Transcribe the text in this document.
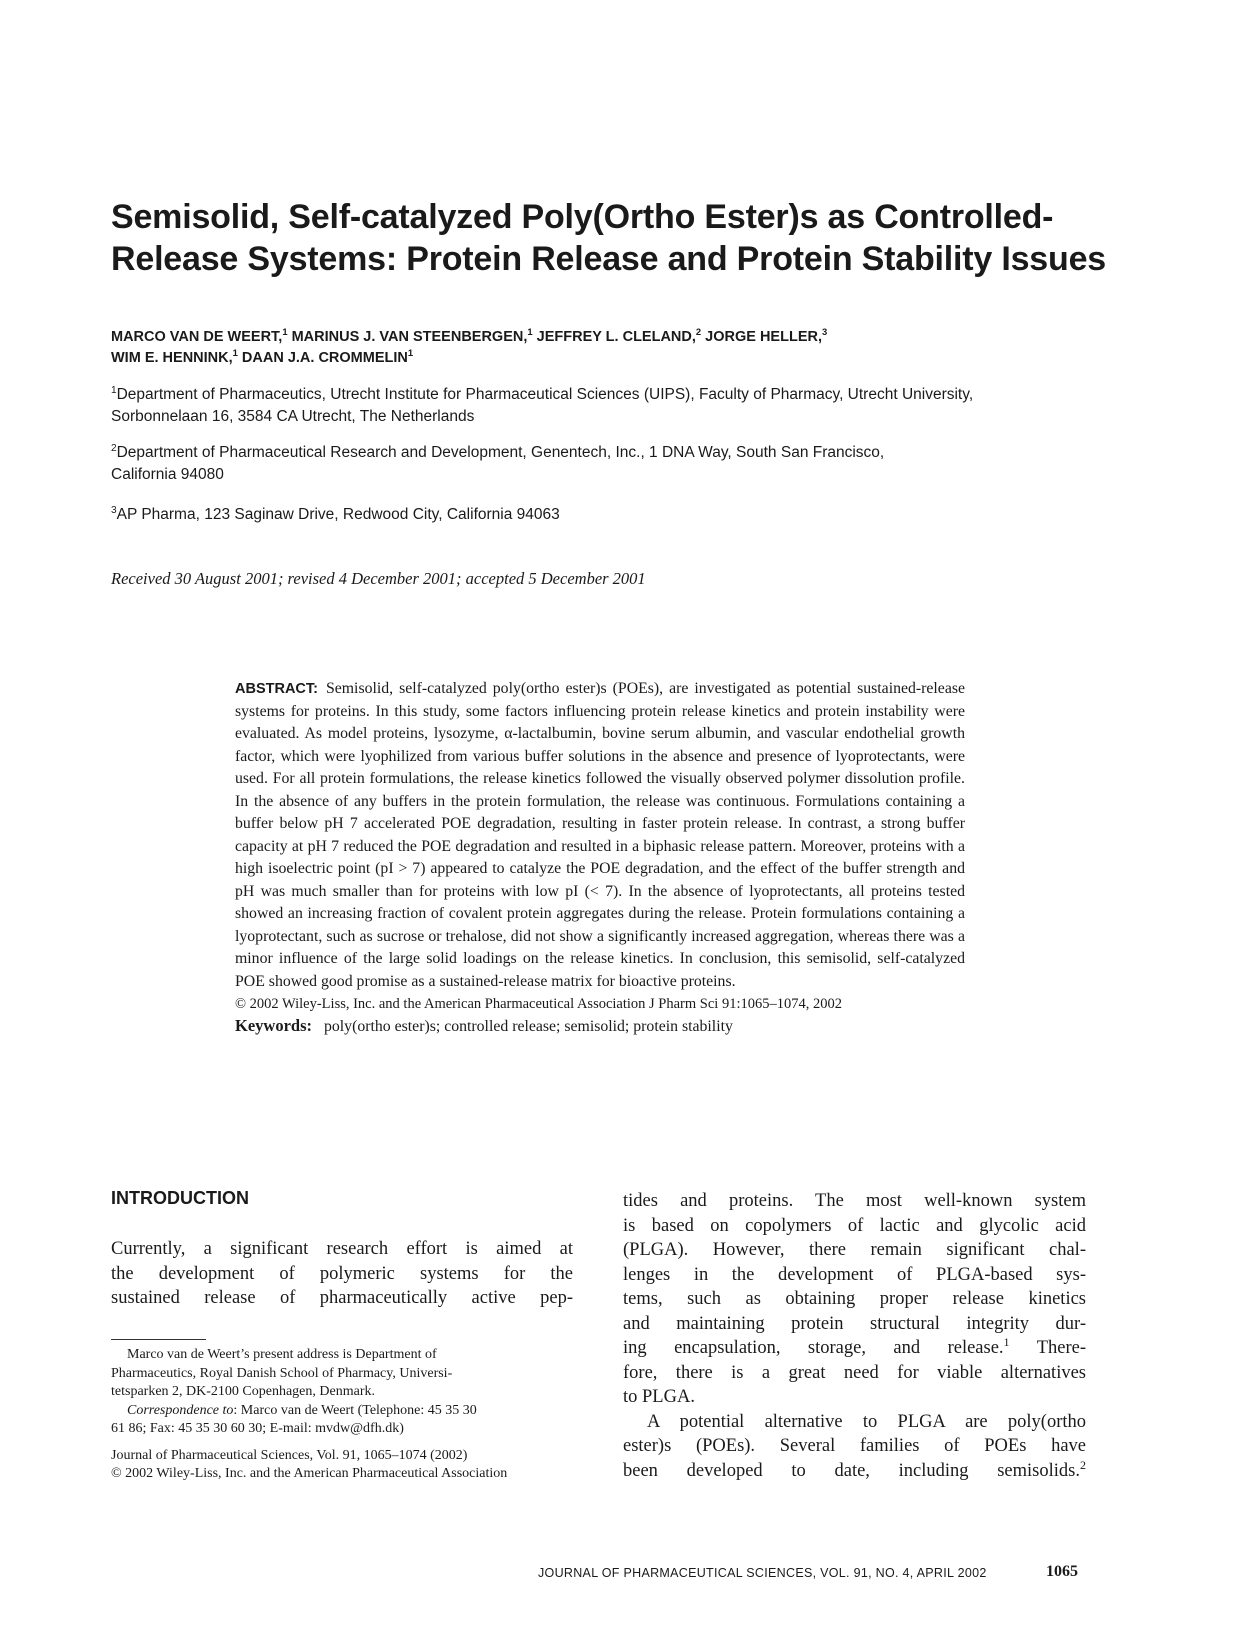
Semisolid, Self-catalyzed Poly(Ortho Ester)s as Controlled-
Release Systems: Protein Release and Protein Stability Issues
MARCO VAN DE WEERT,$^1$ MARINUS J. VAN STEENBERGEN,$^1$ JEFFREY L. CLELAND,$^2$ JORGE HELLER,$^3$
WIM E. HENNINK,$^1$ DAAN J.A. CROMMELIN$^1$
$^1$Department of Pharmaceutics, Utrecht Institute for Pharmaceutical Sciences (UIPS), Faculty of Pharmacy, Utrecht University,
Sorbonnelaan 16, 3584 CA Utrecht, The Netherlands
$^2$Department of Pharmaceutical Research and Development, Genentech, Inc., 1 DNA Way, South San Francisco,
California 94080
$^3$AP Pharma, 123 Saginaw Drive, Redwood City, California 94063
Received 30 August 2001; revised 4 December 2001; accepted 5 December 2001
ABSTRACT: Semisolid, self-catalyzed poly(ortho ester)s (POEs), are investigated as potential sustained-release systems for proteins. In this study, some factors influencing protein release kinetics and protein instability were evaluated. As model proteins, lysozyme, α-lactalbumin, bovine serum albumin, and vascular endothelial growth factor, which were lyophilized from various buffer solutions in the absence and presence of lyoprotectants, were used. For all protein formulations, the release kinetics followed the visually observed polymer dissolution profile. In the absence of any buffers in the protein formulation, the release was continuous. Formulations containing a buffer below pH 7 accelerated POE degradation, resulting in faster protein release. In contrast, a strong buffer capacity at pH 7 reduced the POE degradation and resulted in a biphasic release pattern. Moreover, proteins with a high isoelectric point (pI > 7) appeared to catalyze the POE degradation, and the effect of the buffer strength and pH was much smaller than for proteins with low pI (< 7). In the absence of lyoprotectants, all proteins tested showed an increasing fraction of covalent protein aggregates during the release. Protein formulations containing a lyoprotectant, such as sucrose or trehalose, did not show a significantly increased aggregation, whereas there was a minor influence of the large solid loadings on the release kinetics. In conclusion, this semisolid, self-catalyzed POE showed good promise as a sustained-release matrix for bioactive proteins.
© 2002 Wiley-Liss, Inc. and the American Pharmaceutical Association J Pharm Sci 91:1065–1074, 2002
Keywords: poly(ortho ester)s; controlled release; semisolid; protein stability
INTRODUCTION
Currently, a significant research effort is aimed at
the development of polymeric systems for the
sustained release of pharmaceutically active pep-
Marco van de Weert’s present address is Department of
Pharmaceutics, Royal Danish School of Pharmacy, Universi-
tetsparken 2, DK-2100 Copenhagen, Denmark.
Correspondence to: Marco van de Weert (Telephone: 45 35 30
61 86; Fax: 45 35 30 60 30; E-mail: mvdw@dfh.dk)
Journal of Pharmaceutical Sciences, Vol. 91, 1065–1074 (2002)
© 2002 Wiley-Liss, Inc. and the American Pharmaceutical Association
tides and proteins. The most well-known system
is based on copolymers of lactic and glycolic acid
(PLGA). However, there remain significant chal-
lenges in the development of PLGA-based sys-
tems, such as obtaining proper release kinetics
and maintaining protein structural integrity dur-
ing encapsulation, storage, and release.$^1$ There-
fore, there is a great need for viable alternatives
to PLGA.
A potential alternative to PLGA are poly(ortho
ester)s (POEs). Several families of POEs have
been developed to date, including semisolids.$^2$
JOURNAL OF PHARMACEUTICAL SCIENCES, VOL. 91, NO. 4, APRIL 2002	1065
